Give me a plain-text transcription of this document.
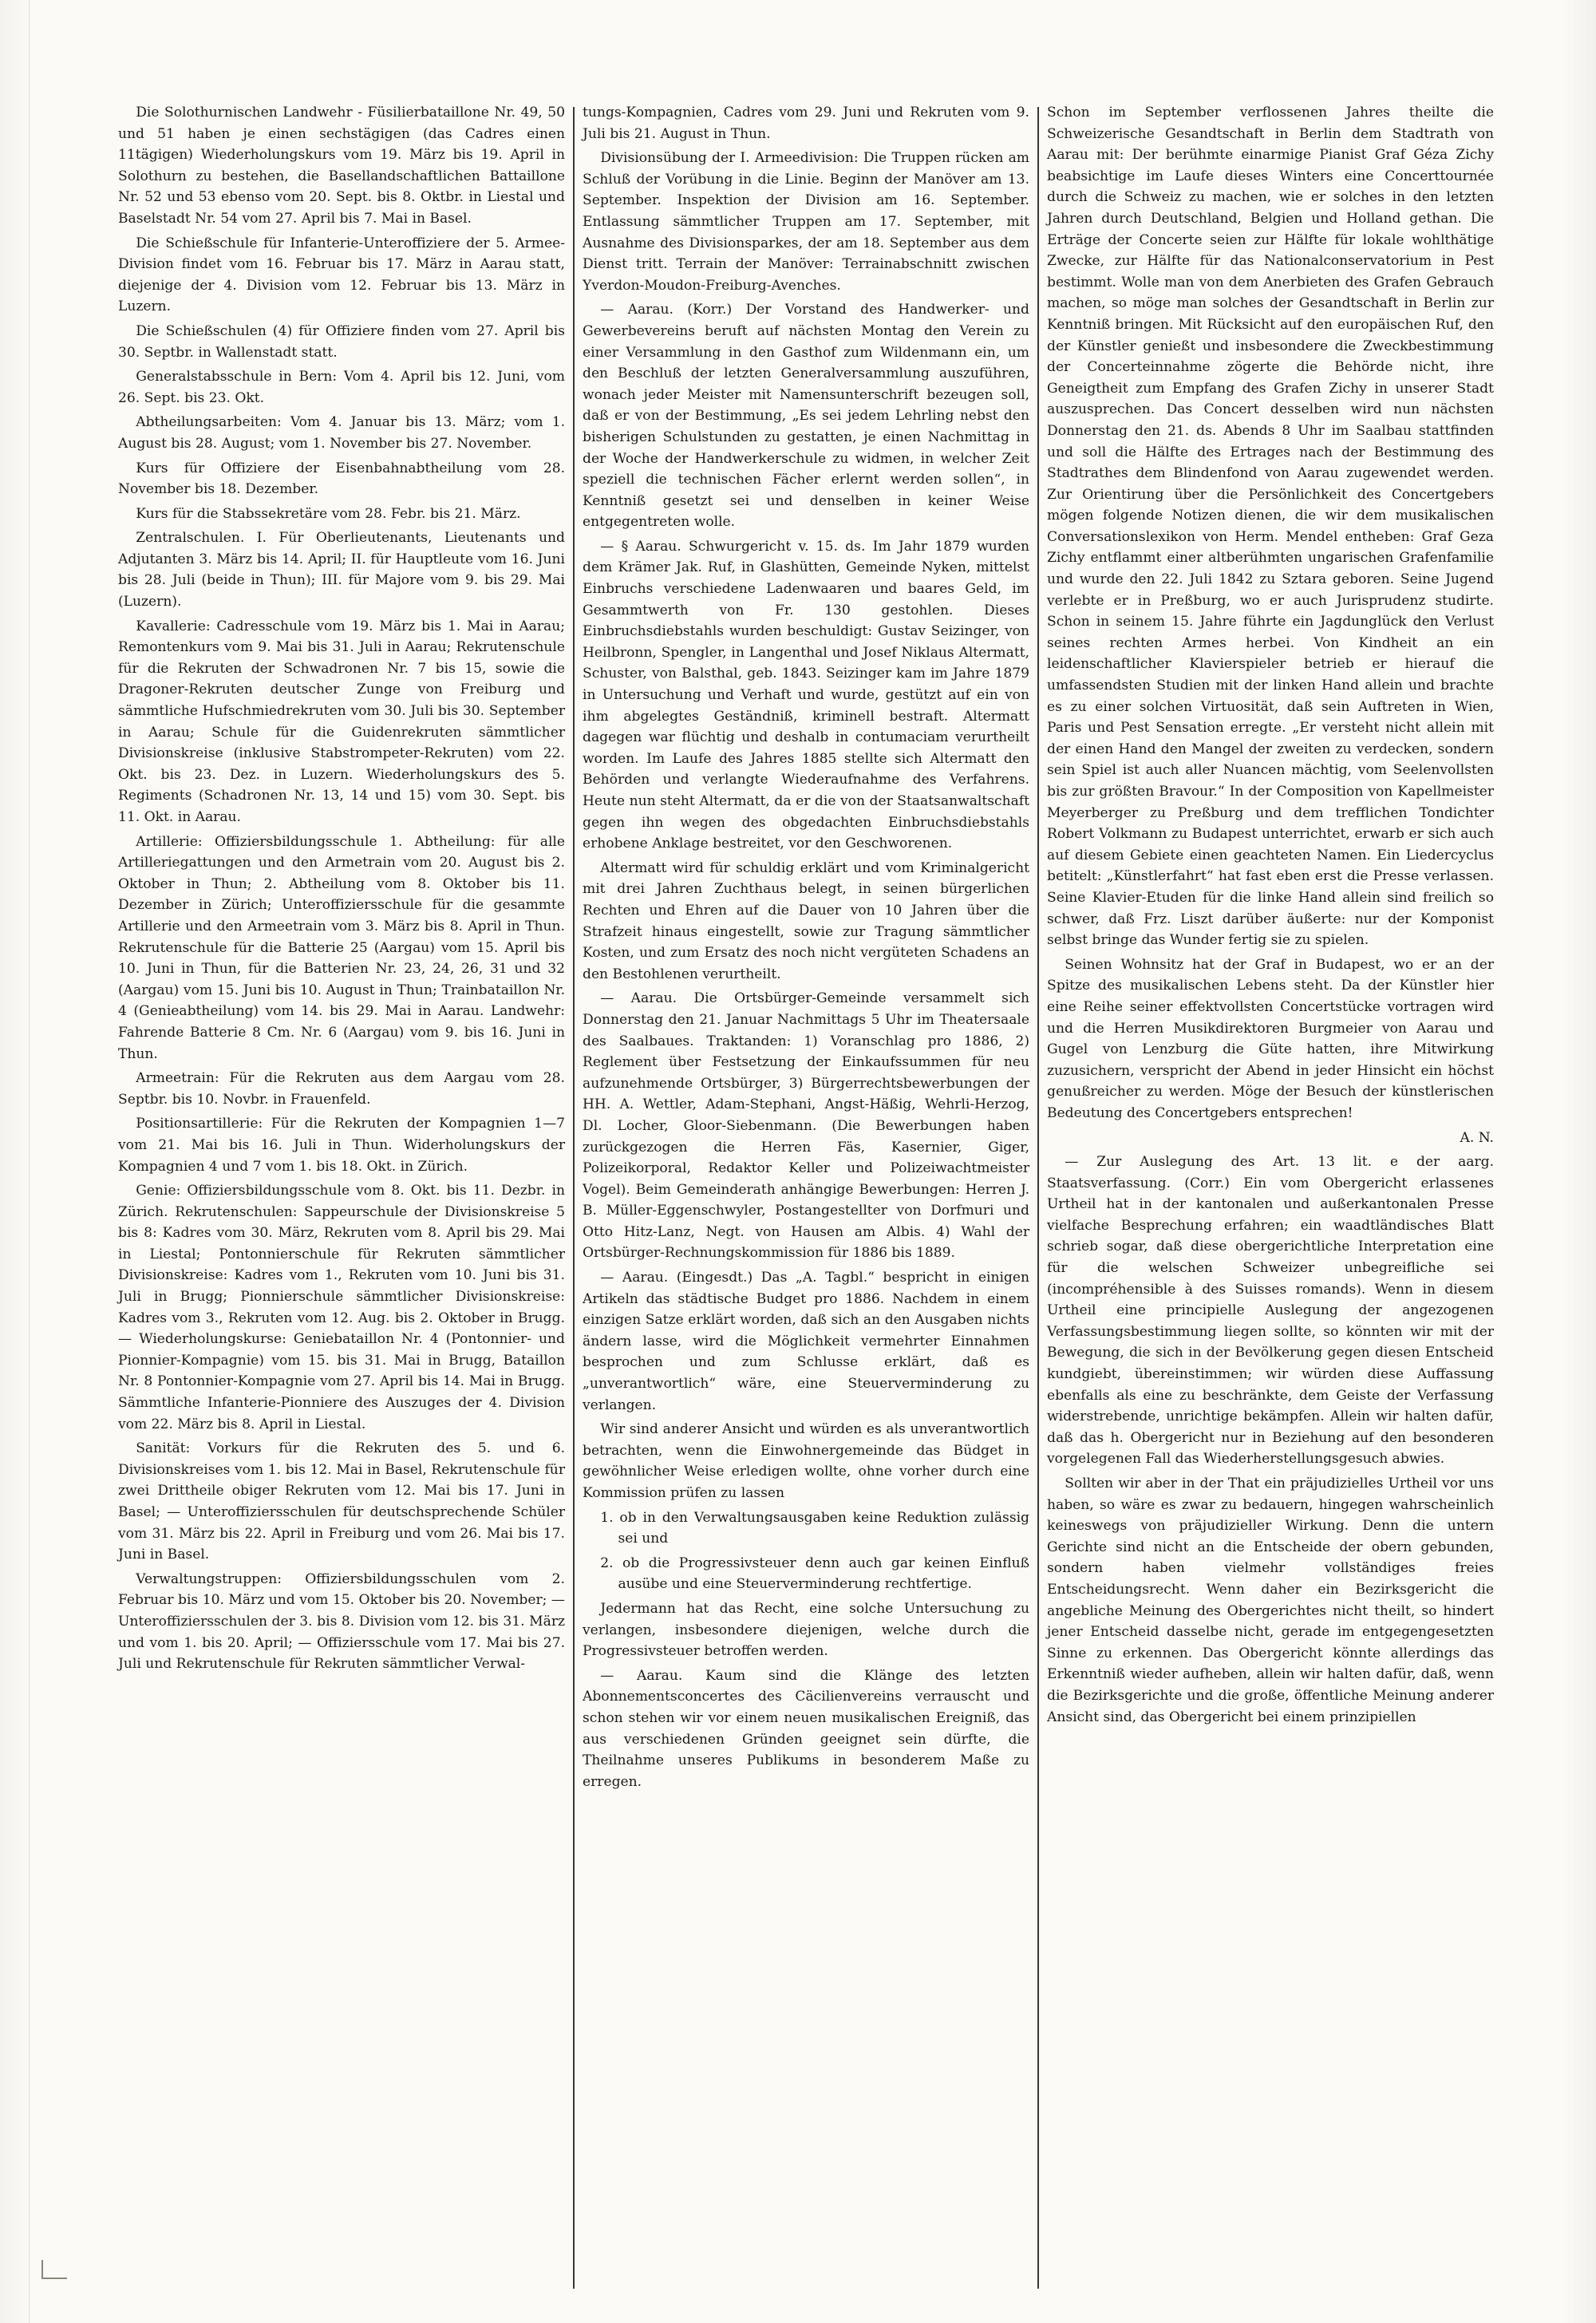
Die Solothurnischen Landwehr - Füsilierbataillone Nr. 49, 50 und 51 haben je einen sechstägigen (das Cadres einen 11tägigen) Wiederholungskurs vom 19. März bis 19. April in Solothurn zu bestehen, die Basellandschaftlichen Battaillone Nr. 52 und 53 ebenso vom 20. Sept. bis 8. Oktbr. in Liestal und Baselstadt Nr. 54 vom 27. April bis 7. Mai in Basel.

Die Schießschule für Infanterie-Unteroffiziere der 5. Armee-Division findet vom 16. Februar bis 17. März in Aarau statt, diejenige der 4. Division vom 12. Februar bis 13. März in Luzern.

Die Schießschulen (4) für Offiziere finden vom 27. April bis 30. Septbr. in Wallenstadt statt.

Generalstabsschule in Bern: Vom 4. April bis 12. Juni, vom 26. Sept. bis 23. Okt.

Abtheilungsarbeiten: Vom 4. Januar bis 13. März; vom 1. August bis 28. August; vom 1. November bis 27. November.

Kurs für Offiziere der Eisenbahnabtheilung vom 28. November bis 18. Dezember.

Kurs für die Stabssekretäre vom 28. Febr. bis 21. März.

Zentralschulen. I. Für Oberlieutenants, Lieutenants und Adjutanten 3. März bis 14. April; II. für Hauptleute vom 16. Juni bis 28. Juli (beide in Thun); III. für Majore vom 9. bis 29. Mai (Luzern).

Kavallerie: Cadresschule vom 19. März bis 1. Mai in Aarau; Remontenkurs vom 9. Mai bis 31. Juli in Aarau; Rekrutenschule für die Rekruten der Schwadronen Nr. 7 bis 15, sowie die Dragoner-Rekruten deutscher Zunge von Freiburg und sämmtliche Hufschmiedrekruten vom 30. Juli bis 30. September in Aarau; Schule für die Guidenrekruten sämmtlicher Divisionskreise (inklusive Stabstrompeter-Rekruten) vom 22. Okt. bis 23. Dez. in Luzern. Wiederholungskurs des 5. Regiments (Schadronen Nr. 13, 14 und 15) vom 30. Sept. bis 11. Okt. in Aarau.

Artillerie: Offiziersbildungsschule 1. Abtheilung: für alle Artilleriegattungen und den Armetrain vom 20. August bis 2. Oktober in Thun; 2. Abtheilung vom 8. Oktober bis 11. Dezember in Zürich; Unteroffiziersschule für die gesammte Artillerie und den Armeetrain vom 3. März bis 8. April in Thun. Rekrutenschule für die Batterie 25 (Aargau) vom 15. April bis 10. Juni in Thun, für die Batterien Nr. 23, 24, 26, 31 und 32 (Aargau) vom 15. Juni bis 10. August in Thun; Trainbataillon Nr. 4 (Genieabtheilung) vom 14. bis 29. Mai in Aarau. Landwehr: Fahrende Batterie 8 Cm. Nr. 6 (Aargau) vom 9. bis 16. Juni in Thun.

Armeetrain: Für die Rekruten aus dem Aargau vom 28. Septbr. bis 10. Novbr. in Frauenfeld.

Positionsartillerie: Für die Rekruten der Kompagnien 1—7 vom 21. Mai bis 16. Juli in Thun. Widerholungskurs der Kompagnien 4 und 7 vom 1. bis 18. Okt. in Zürich.

Genie: Offiziersbildungsschule vom 8. Okt. bis 11. Dezbr. in Zürich. Rekrutenschulen: Sappeurschule der Divisionskreise 5 bis 8: Kadres vom 30. März, Rekruten vom 8. April bis 29. Mai in Liestal; Pontonnierschule für Rekruten sämmtlicher Divisionskreise: Kadres vom 1., Rekruten vom 10. Juni bis 31. Juli in Brugg; Pionnierschule sämmtlicher Divisionskreise: Kadres vom 3., Rekruten vom 12. Aug. bis 2. Oktober in Brugg. — Wiederholungskurse: Geniebataillon Nr. 4 (Pontonnier- und Pionnier-Kompagnie) vom 15. bis 31. Mai in Brugg, Bataillon Nr. 8 Pontonnier-Kompagnie vom 27. April bis 14. Mai in Brugg. Sämmtliche Infanterie-Pionniere des Auszuges der 4. Division vom 22. März bis 8. April in Liestal.

Sanität: Vorkurs für die Rekruten des 5. und 6. Divisionskreises vom 1. bis 12. Mai in Basel, Rekrutenschule für zwei Drittheile obiger Rekruten vom 12. Mai bis 17. Juni in Basel; — Unteroffiziersschulen für deutschsprechende Schüler vom 31. März bis 22. April in Freiburg und vom 26. Mai bis 17. Juni in Basel.

Verwaltungstruppen: Offiziersbildungsschulen vom 2. Februar bis 10. März und vom 15. Oktober bis 20. November; — Unteroffiziersschulen der 3. bis 8. Division vom 12. bis 31. März und vom 1. bis 20. April; — Offiziersschule vom 17. Mai bis 27. Juli und Rekrutenschule für Rekruten sämmtlicher Verwal-

tungs-Kompagnien, Cadres vom 29. Juni und Rekruten vom 9. Juli bis 21. August in Thun.

Divisionsübung der I. Armeedivision: Die Truppen rücken am Schluß der Vorübung in die Linie. Beginn der Manöver am 13. September. Inspektion der Division am 16. September. Entlassung sämmtlicher Truppen am 17. September, mit Ausnahme des Divisionsparkes, der am 18. September aus dem Dienst tritt. Terrain der Manöver: Terrainabschnitt zwischen Yverdon-Moudon-Freiburg-Avenches.

— Aarau. (Korr.) Der Vorstand des Handwerker- und Gewerbevereins beruft auf nächsten Montag den Verein zu einer Versammlung in den Gasthof zum Wildenmann ein, um den Beschluß der letzten Generalversammlung auszuführen, wonach jeder Meister mit Namensunterschrift bezeugen soll, daß er von der Bestimmung, „Es sei jedem Lehrling nebst den bisherigen Schulstunden zu gestatten, je einen Nachmittag in der Woche der Handwerkerschule zu widmen, in welcher Zeit speziell die technischen Fächer erlernt werden sollen“, in Kenntniß gesetzt sei und denselben in keiner Weise entgegentreten wolle.

— § Aarau. Schwurgericht v. 15. ds. Im Jahr 1879 wurden dem Krämer Jak. Ruf, in Glashütten, Gemeinde Nyken, mittelst Einbruchs verschiedene Ladenwaaren und baares Geld, im Gesammtwerth von Fr. 130 gestohlen. Dieses Einbruchsdiebstahls wurden beschuldigt: Gustav Seizinger, von Heilbronn, Spengler, in Langenthal und Josef Niklaus Altermatt, Schuster, von Balsthal, geb. 1843. Seizinger kam im Jahre 1879 in Untersuchung und Verhaft und wurde, gestützt auf ein von ihm abgelegtes Geständniß, kriminell bestraft. Altermatt dagegen war flüchtig und deshalb in contumaciam verurtheilt worden. Im Laufe des Jahres 1885 stellte sich Altermatt den Behörden und verlangte Wiederaufnahme des Verfahrens. Heute nun steht Altermatt, da er die von der Staatsanwaltschaft gegen ihn wegen des obgedachten Einbruchsdiebstahls erhobene Anklage bestreitet, vor den Geschworenen.

Altermatt wird für schuldig erklärt und vom Kriminalgericht mit drei Jahren Zuchthaus belegt, in seinen bürgerlichen Rechten und Ehren auf die Dauer von 10 Jahren über die Strafzeit hinaus eingestellt, sowie zur Tragung sämmtlicher Kosten, und zum Ersatz des noch nicht vergüteten Schadens an den Bestohlenen verurtheilt.

— Aarau. Die Ortsbürger-Gemeinde versammelt sich Donnerstag den 21. Januar Nachmittags 5 Uhr im Theatersaale des Saalbaues. Traktanden: 1) Voranschlag pro 1886, 2) Reglement über Festsetzung der Einkaufssummen für neu aufzunehmende Ortsbürger, 3) Bürgerrechtsbewerbungen der HH. A. Wettler, Adam-Stephani, Angst-Häßig, Wehrli-Herzog, Dl. Locher, Gloor-Siebenmann. (Die Bewerbungen haben zurückgezogen die Herren Fäs, Kasernier, Giger, Polizeikorporal, Redaktor Keller und Polizeiwachtmeister Vogel). Beim Gemeinderath anhängige Bewerbungen: Herren J. B. Müller-Eggenschwyler, Postangestellter von Dorfmuri und Otto Hitz-Lanz, Negt. von Hausen am Albis. 4) Wahl der Ortsbürger-Rechnungskommission für 1886 bis 1889.

— Aarau. (Eingesdt.) Das „A. Tagbl.“ bespricht in einigen Artikeln das städtische Budget pro 1886. Nachdem in einem einzigen Satze erklärt worden, daß sich an den Ausgaben nichts ändern lasse, wird die Möglichkeit vermehrter Einnahmen besprochen und zum Schlusse erklärt, daß es „unverantwortlich“ wäre, eine Steuerverminderung zu verlangen.

Wir sind anderer Ansicht und würden es als unverantwortlich betrachten, wenn die Einwohnergemeinde das Büdget in gewöhnlicher Weise erledigen wollte, ohne vorher durch eine Kommission prüfen zu lassen

1. ob in den Verwaltungsausgaben keine Reduktion zulässig sei und

2. ob die Progressivsteuer denn auch gar keinen Einfluß ausübe und eine Steuerverminderung rechtfertige.

Jedermann hat das Recht, eine solche Untersuchung zu verlangen, insbesondere diejenigen, welche durch die Progressivsteuer betroffen werden.

— Aarau. Kaum sind die Klänge des letzten Abonnementsconcertes des Cäcilienvereins verrauscht und schon stehen wir vor einem neuen musikalischen Ereigniß, das aus verschiedenen Gründen geeignet sein dürfte, die Theilnahme unseres Publikums in besonderem Maße zu erregen.

Schon im September verflossenen Jahres theilte die Schweizerische Gesandtschaft in Berlin dem Stadtrath von Aarau mit: Der berühmte einarmige Pianist Graf Géza Zichy beabsichtige im Laufe dieses Winters eine Concerttournée durch die Schweiz zu machen, wie er solches in den letzten Jahren durch Deutschland, Belgien und Holland gethan. Die Erträge der Concerte seien zur Hälfte für lokale wohlthätige Zwecke, zur Hälfte für das Nationalconservatorium in Pest bestimmt. Wolle man von dem Anerbieten des Grafen Gebrauch machen, so möge man solches der Gesandtschaft in Berlin zur Kenntniß bringen. Mit Rücksicht auf den europäischen Ruf, den der Künstler genießt und insbesondere die Zweckbestimmung der Concerteinnahme zögerte die Behörde nicht, ihre Geneigtheit zum Empfang des Grafen Zichy in unserer Stadt auszusprechen. Das Concert desselben wird nun nächsten Donnerstag den 21. ds. Abends 8 Uhr im Saalbau stattfinden und soll die Hälfte des Ertrages nach der Bestimmung des Stadtrathes dem Blindenfond von Aarau zugewendet werden. Zur Orientirung über die Persönlichkeit des Concertgebers mögen folgende Notizen dienen, die wir dem musikalischen Conversationslexikon von Herm. Mendel entheben: Graf Geza Zichy entflammt einer altberühmten ungarischen Grafenfamilie und wurde den 22. Juli 1842 zu Sztara geboren. Seine Jugend verlebte er in Preßburg, wo er auch Jurisprudenz studirte. Schon in seinem 15. Jahre führte ein Jagdunglück den Verlust seines rechten Armes herbei. Von Kindheit an ein leidenschaftlicher Klavierspieler betrieb er hierauf die umfassendsten Studien mit der linken Hand allein und brachte es zu einer solchen Virtuosität, daß sein Auftreten in Wien, Paris und Pest Sensation erregte. „Er versteht nicht allein mit der einen Hand den Mangel der zweiten zu verdecken, sondern sein Spiel ist auch aller Nuancen mächtig, vom Seelenvollsten bis zur größten Bravour.“ In der Composition von Kapellmeister Meyerberger zu Preßburg und dem trefflichen Tondichter Robert Volkmann zu Budapest unterrichtet, erwarb er sich auch auf diesem Gebiete einen geachteten Namen. Ein Liedercyclus betitelt: „Künstlerfahrt“ hat fast eben erst die Presse verlassen. Seine Klavier-Etuden für die linke Hand allein sind freilich so schwer, daß Frz. Liszt darüber äußerte: nur der Komponist selbst bringe das Wunder fertig sie zu spielen.

Seinen Wohnsitz hat der Graf in Budapest, wo er an der Spitze des musikalischen Lebens steht. Da der Künstler hier eine Reihe seiner effektvollsten Concertstücke vortragen wird und die Herren Musikdirektoren Burgmeier von Aarau und Gugel von Lenzburg die Güte hatten, ihre Mitwirkung zuzusichern, verspricht der Abend in jeder Hinsicht ein höchst genußreicher zu werden. Möge der Besuch der künstlerischen Bedeutung des Concertgebers entsprechen!

A. N.

— Zur Auslegung des Art. 13 lit. e der aarg. Staatsverfassung. (Corr.) Ein vom Obergericht erlassenes Urtheil hat in der kantonalen und außerkantonalen Presse vielfache Besprechung erfahren; ein waadtländisches Blatt schrieb sogar, daß diese obergerichtliche Interpretation eine für die welschen Schweizer unbegreifliche sei (incompréhensible à des Suisses romands). Wenn in diesem Urtheil eine principielle Auslegung der angezogenen Verfassungsbestimmung liegen sollte, so könnten wir mit der Bewegung, die sich in der Bevölkerung gegen diesen Entscheid kundgiebt, übereinstimmen; wir würden diese Auffassung ebenfalls als eine zu beschränkte, dem Geiste der Verfassung widerstrebende, unrichtige bekämpfen. Allein wir halten dafür, daß das h. Obergericht nur in Beziehung auf den besonderen vorgelegenen Fall das Wiederherstellungsgesuch abwies.

Sollten wir aber in der That ein präjudizielles Urtheil vor uns haben, so wäre es zwar zu bedauern, hingegen wahrscheinlich keineswegs von präjudizieller Wirkung. Denn die untern Gerichte sind nicht an die Entscheide der obern gebunden, sondern haben vielmehr vollständiges freies Entscheidungsrecht. Wenn daher ein Bezirksgericht die angebliche Meinung des Obergerichtes nicht theilt, so hindert jener Entscheid dasselbe nicht, gerade im entgegengesetzten Sinne zu erkennen. Das Obergericht könnte allerdings das Erkenntniß wieder aufheben, allein wir halten dafür, daß, wenn die Bezirksgerichte und die große, öffentliche Meinung anderer Ansicht sind, das Obergericht bei einem prinzipiellen
